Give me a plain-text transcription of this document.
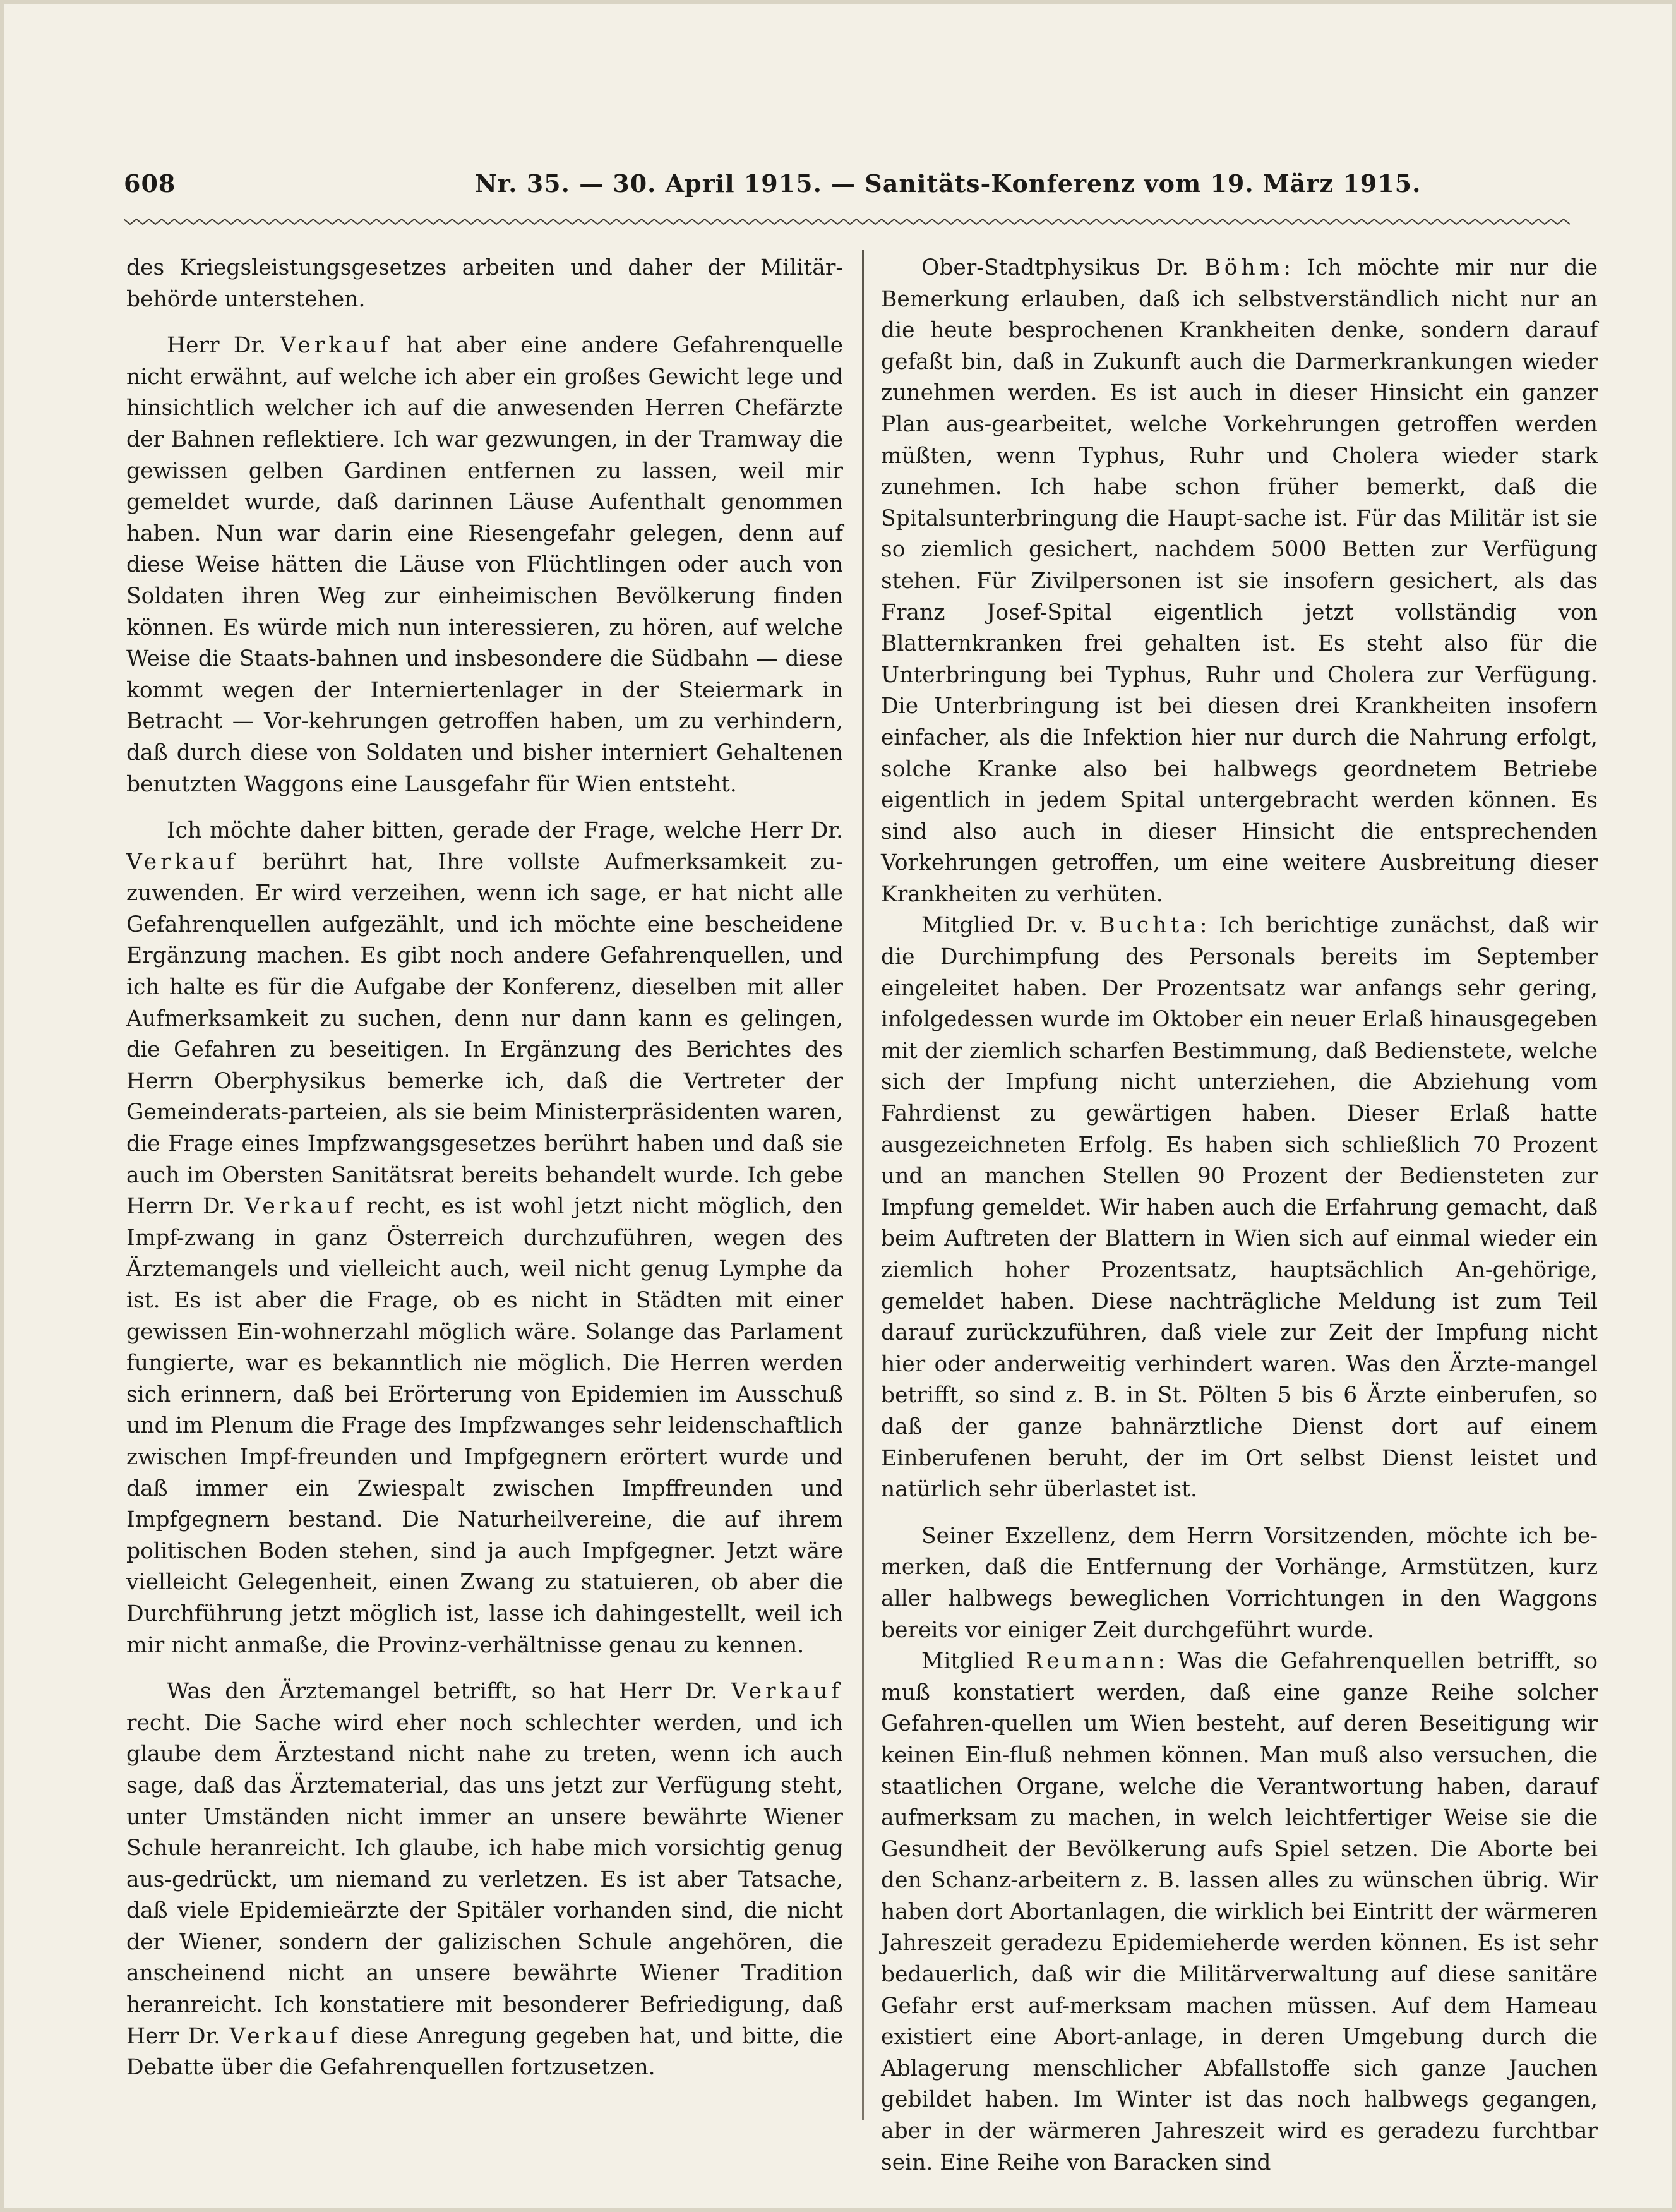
608	Nr. 35. — 30. April 1915. — Sanitäts-Konferenz vom 19. März 1915.

des Kriegsleistungsgesetzes arbeiten und daher der Militär-behörde unterstehen.

Herr Dr. Verkauf hat aber eine andere Gefahrenquelle nicht erwähnt, auf welche ich aber ein großes Gewicht lege und hinsichtlich welcher ich auf die anwesenden Herren Chefärzte der Bahnen reflektiere. Ich war gezwungen, in der Tramway die gewissen gelben Gardinen entfernen zu lassen, weil mir gemeldet wurde, daß darinnen Läuse Aufenthalt genommen haben. Nun war darin eine Riesengefahr gelegen, denn auf diese Weise hätten die Läuse von Flüchtlingen oder auch von Soldaten ihren Weg zur einheimischen Bevölkerung finden können. Es würde mich nun interessieren, zu hören, auf welche Weise die Staats-bahnen und insbesondere die Südbahn — diese kommt wegen der Interniertenlager in der Steiermark in Betracht — Vor-kehrungen getroffen haben, um zu verhindern, daß durch diese von Soldaten und bisher interniert Gehaltenen benutzten Waggons eine Lausgefahr für Wien entsteht.

Ich möchte daher bitten, gerade der Frage, welche Herr Dr. Verkauf berührt hat, Ihre vollste Aufmerksamkeit zu-zuwenden. Er wird verzeihen, wenn ich sage, er hat nicht alle Gefahrenquellen aufgezählt, und ich möchte eine bescheidene Ergänzung machen. Es gibt noch andere Gefahrenquellen, und ich halte es für die Aufgabe der Konferenz, dieselben mit aller Aufmerksamkeit zu suchen, denn nur dann kann es gelingen, die Gefahren zu beseitigen. In Ergänzung des Berichtes des Herrn Oberphysikus bemerke ich, daß die Vertreter der Gemeinderats-parteien, als sie beim Ministerpräsidenten waren, die Frage eines Impfzwangsgesetzes berührt haben und daß sie auch im Obersten Sanitätsrat bereits behandelt wurde. Ich gebe Herrn Dr. Verkauf recht, es ist wohl jetzt nicht möglich, den Impf-zwang in ganz Österreich durchzuführen, wegen des Ärztemangels und vielleicht auch, weil nicht genug Lymphe da ist. Es ist aber die Frage, ob es nicht in Städten mit einer gewissen Ein-wohnerzahl möglich wäre. Solange das Parlament fungierte, war es bekanntlich nie möglich. Die Herren werden sich erinnern, daß bei Erörterung von Epidemien im Ausschuß und im Plenum die Frage des Impfzwanges sehr leidenschaftlich zwischen Impf-freunden und Impfgegnern erörtert wurde und daß immer ein Zwiespalt zwischen Impffreunden und Impfgegnern bestand. Die Naturheilvereine, die auf ihrem politischen Boden stehen, sind ja auch Impfgegner. Jetzt wäre vielleicht Gelegenheit, einen Zwang zu statuieren, ob aber die Durchführung jetzt möglich ist, lasse ich dahingestellt, weil ich mir nicht anmaße, die Provinz-verhältnisse genau zu kennen.

Was den Ärztemangel betrifft, so hat Herr Dr. Verkauf recht. Die Sache wird eher noch schlechter werden, und ich glaube dem Ärztestand nicht nahe zu treten, wenn ich auch sage, daß das Ärztematerial, das uns jetzt zur Verfügung steht, unter Umständen nicht immer an unsere bewährte Wiener Schule heranreicht. Ich glaube, ich habe mich vorsichtig genug aus-gedrückt, um niemand zu verletzen. Es ist aber Tatsache, daß viele Epidemieärzte der Spitäler vorhanden sind, die nicht der Wiener, sondern der galizischen Schule angehören, die anscheinend nicht an unsere bewährte Wiener Tradition heranreicht. Ich konstatiere mit besonderer Befriedigung, daß Herr Dr. Verkauf diese Anregung gegeben hat, und bitte, die Debatte über die Gefahrenquellen fortzusetzen.

Ober-Stadtphysikus Dr. Böhm: Ich möchte mir nur die Bemerkung erlauben, daß ich selbstverständlich nicht nur an die heute besprochenen Krankheiten denke, sondern darauf gefaßt bin, daß in Zukunft auch die Darmerkrankungen wieder zunehmen werden. Es ist auch in dieser Hinsicht ein ganzer Plan aus-gearbeitet, welche Vorkehrungen getroffen werden müßten, wenn Typhus, Ruhr und Cholera wieder stark zunehmen. Ich habe schon früher bemerkt, daß die Spitalsunterbringung die Haupt-sache ist. Für das Militär ist sie so ziemlich gesichert, nachdem 5000 Betten zur Verfügung stehen. Für Zivilpersonen ist sie insofern gesichert, als das Franz Josef-Spital eigentlich jetzt vollständig von Blatternkranken frei gehalten ist. Es steht also für die Unterbringung bei Typhus, Ruhr und Cholera zur Verfügung. Die Unterbringung ist bei diesen drei Krankheiten insofern einfacher, als die Infektion hier nur durch die Nahrung erfolgt, solche Kranke also bei halbwegs geordnetem Betriebe eigentlich in jedem Spital untergebracht werden können. Es sind also auch in dieser Hinsicht die entsprechenden Vorkehrungen getroffen, um eine weitere Ausbreitung dieser Krankheiten zu verhüten.

Mitglied Dr. v. Buchta: Ich berichtige zunächst, daß wir die Durchimpfung des Personals bereits im September eingeleitet haben. Der Prozentsatz war anfangs sehr gering, infolgedessen wurde im Oktober ein neuer Erlaß hinausgegeben mit der ziemlich scharfen Bestimmung, daß Bedienstete, welche sich der Impfung nicht unterziehen, die Abziehung vom Fahrdienst zu gewärtigen haben. Dieser Erlaß hatte ausgezeichneten Erfolg. Es haben sich schließlich 70 Prozent und an manchen Stellen 90 Prozent der Bediensteten zur Impfung gemeldet. Wir haben auch die Erfahrung gemacht, daß beim Auftreten der Blattern in Wien sich auf einmal wieder ein ziemlich hoher Prozentsatz, hauptsächlich An-gehörige, gemeldet haben. Diese nachträgliche Meldung ist zum Teil darauf zurückzuführen, daß viele zur Zeit der Impfung nicht hier oder anderweitig verhindert waren. Was den Ärzte-mangel betrifft, so sind z. B. in St. Pölten 5 bis 6 Ärzte einberufen, so daß der ganze bahnärztliche Dienst dort auf einem Einberufenen beruht, der im Ort selbst Dienst leistet und natürlich sehr überlastet ist.

Seiner Exzellenz, dem Herrn Vorsitzenden, möchte ich be-merken, daß die Entfernung der Vorhänge, Armstützen, kurz aller halbwegs beweglichen Vorrichtungen in den Waggons bereits vor einiger Zeit durchgeführt wurde.

Mitglied Reumann: Was die Gefahrenquellen betrifft, so muß konstatiert werden, daß eine ganze Reihe solcher Gefahren-quellen um Wien besteht, auf deren Beseitigung wir keinen Ein-fluß nehmen können. Man muß also versuchen, die staatlichen Organe, welche die Verantwortung haben, darauf aufmerksam zu machen, in welch leichtfertiger Weise sie die Gesundheit der Bevölkerung aufs Spiel setzen. Die Aborte bei den Schanz-arbeitern z. B. lassen alles zu wünschen übrig. Wir haben dort Abortanlagen, die wirklich bei Eintritt der wärmeren Jahreszeit geradezu Epidemieherde werden können. Es ist sehr bedauerlich, daß wir die Militärverwaltung auf diese sanitäre Gefahr erst auf-merksam machen müssen. Auf dem Hameau existiert eine Abort-anlage, in deren Umgebung durch die Ablagerung menschlicher Abfallstoffe sich ganze Jauchen gebildet haben. Im Winter ist das noch halbwegs gegangen, aber in der wärmeren Jahreszeit wird es geradezu furchtbar sein. Eine Reihe von Baracken sind
